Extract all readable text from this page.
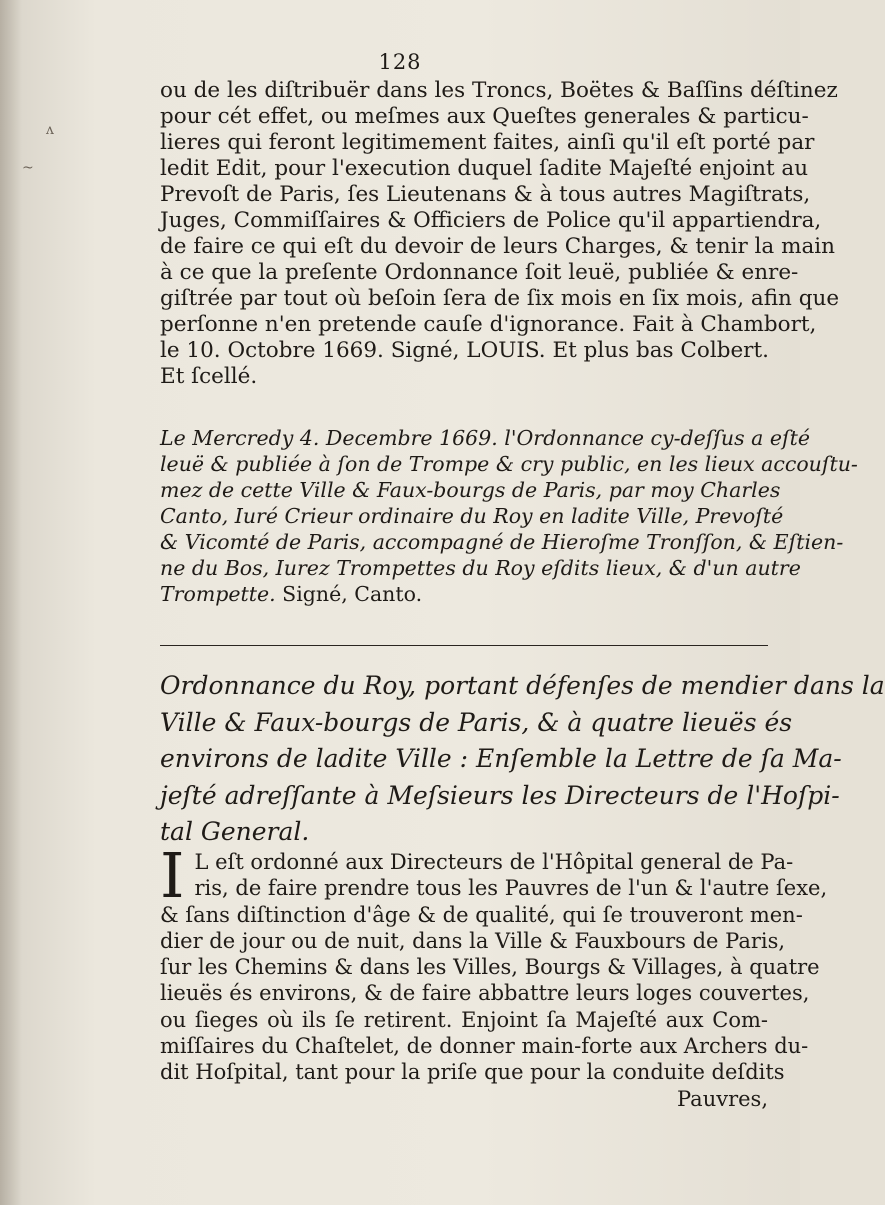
ʌ
~
128
ou de les diſtribuër dans les Troncs, Boëtes & Baſſins déſtinez
pour cét effet, ou meſmes aux Queſtes generales & particu-
lieres qui feront legitimement faites, ainſi qu'il eſt porté par
ledit Edit, pour l'execution duquel ſadite Majeſté enjoint au
Prevoſt de Paris, ſes Lieutenans & à tous autres Magiſtrats,
Juges, Commiſſaires & Officiers de Police qu'il appartiendra,
de faire ce qui eſt du devoir de leurs Charges, & tenir la main
à ce que la preſente Ordonnance ſoit leuë, publiée & enre-
giſtrée par tout où beſoin ſera de ſix mois en ſix mois, afin que
perſonne n'en pretende cauſe d'ignorance. Fait à Chambort,
le 10. Octobre 1669. Signé, LOUIS. Et plus bas Colbert.
Et ſcellé.
Le Mercredy 4. Decembre 1669. l'Ordonnance cy-deſſus a eſté
leuë & publiée à ſon de Trompe & cry public, en les lieux accouſtu-
mez de cette Ville & Faux-bourgs de Paris, par moy Charles
Canto, Iuré Crieur ordinaire du Roy en ladite Ville, Prevoſté
& Vicomté de Paris, accompagné de Hieroſme Tronſſon, & Eſtien-
ne du Bos, Iurez Trompettes du Roy eſdits lieux, & d'un autre
Trompette. Signé, Canto.
Ordonnance du Roy, portant défenſes de mendier dans la
Ville & Faux-bourgs de Paris, & à quatre lieuës és
environs de ladite Ville : Enſemble la Lettre de ſa Ma-
jeſté adreſſante à Meſsieurs les Directeurs de l'Hoſpi-
tal General.
I L eſt ordonné aux Directeurs de l'Hôpital general de Pa-
ris, de faire prendre tous les Pauvres de l'un & l'autre ſexe,
& ſans diſtinction d'âge & de qualité, qui ſe trouveront men-
dier de jour ou de nuit, dans la Ville & Fauxbours de Paris,
ſur les Chemins & dans les Villes, Bourgs & Villages, à quatre
lieuës és environs, & de faire abbattre leurs loges couvertes,
ou ſieges où ils ſe retirent. Enjoint ſa Majeſté aux Com-
miſſaires du Chaſtelet, de donner main-forte aux Archers du-
dit Hoſpital, tant pour la priſe que pour la conduite deſdits
Pauvres,
